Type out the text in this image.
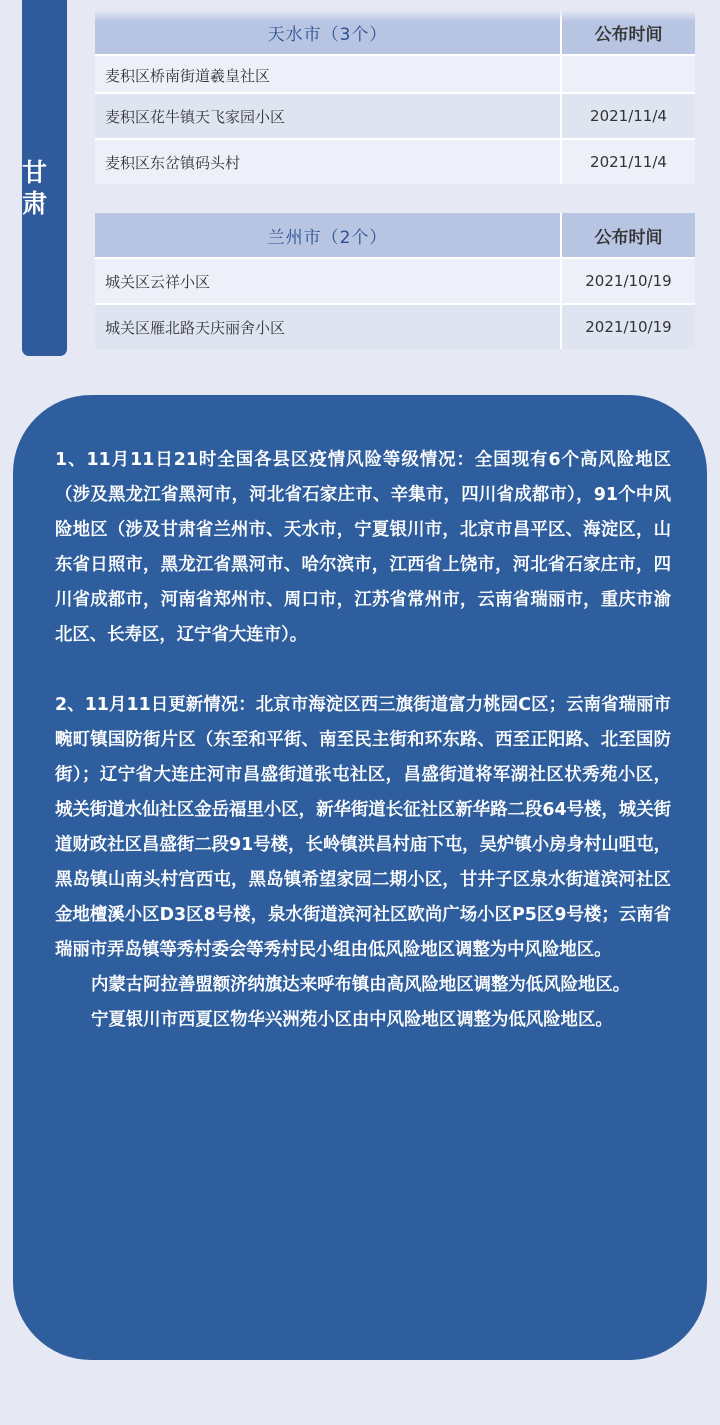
甘肃
天水市（3个）	公布时间
麦积区桥南街道羲皇社区
麦积区花牛镇天飞家园小区	2021/11/4
麦积区东岔镇码头村	2021/11/4
兰州市（2个）	公布时间
城关区云祥小区	2021/10/19
城关区雁北路天庆丽舍小区	2021/10/19

1、11月11日21时全国各县区疫情风险等级情况：全国现有6个高风险地区（涉及黑龙江省黑河市，河北省石家庄市、辛集市，四川省成都市），91个中风险地区（涉及甘肃省兰州市、天水市，宁夏银川市，北京市昌平区、海淀区，山东省日照市，黑龙江省黑河市、哈尔滨市，江西省上饶市，河北省石家庄市，四川省成都市，河南省郑州市、周口市，江苏省常州市，云南省瑞丽市，重庆市渝北区、长寿区，辽宁省大连市）。

2、11月11日更新情况：北京市海淀区西三旗街道富力桃园C区；云南省瑞丽市畹町镇国防街片区（东至和平街、南至民主街和环东路、西至正阳路、北至国防街）；辽宁省大连庄河市昌盛街道张屯社区，昌盛街道将军湖社区状秀苑小区，城关街道水仙社区金岳福里小区，新华街道长征社区新华路二段64号楼，城关街道财政社区昌盛街二段91号楼，长岭镇洪昌村庙下屯，吴炉镇小房身村山咀屯，黑岛镇山南头村宫西屯，黑岛镇希望家园二期小区，甘井子区泉水街道滨河社区金地檀溪小区D3区8号楼，泉水街道滨河社区欧尚广场小区P5区9号楼；云南省瑞丽市弄岛镇等秀村委会等秀村民小组由低风险地区调整为中风险地区。

内蒙古阿拉善盟额济纳旗达来呼布镇由高风险地区调整为低风险地区。

宁夏银川市西夏区物华兴洲苑小区由中风险地区调整为低风险地区。
